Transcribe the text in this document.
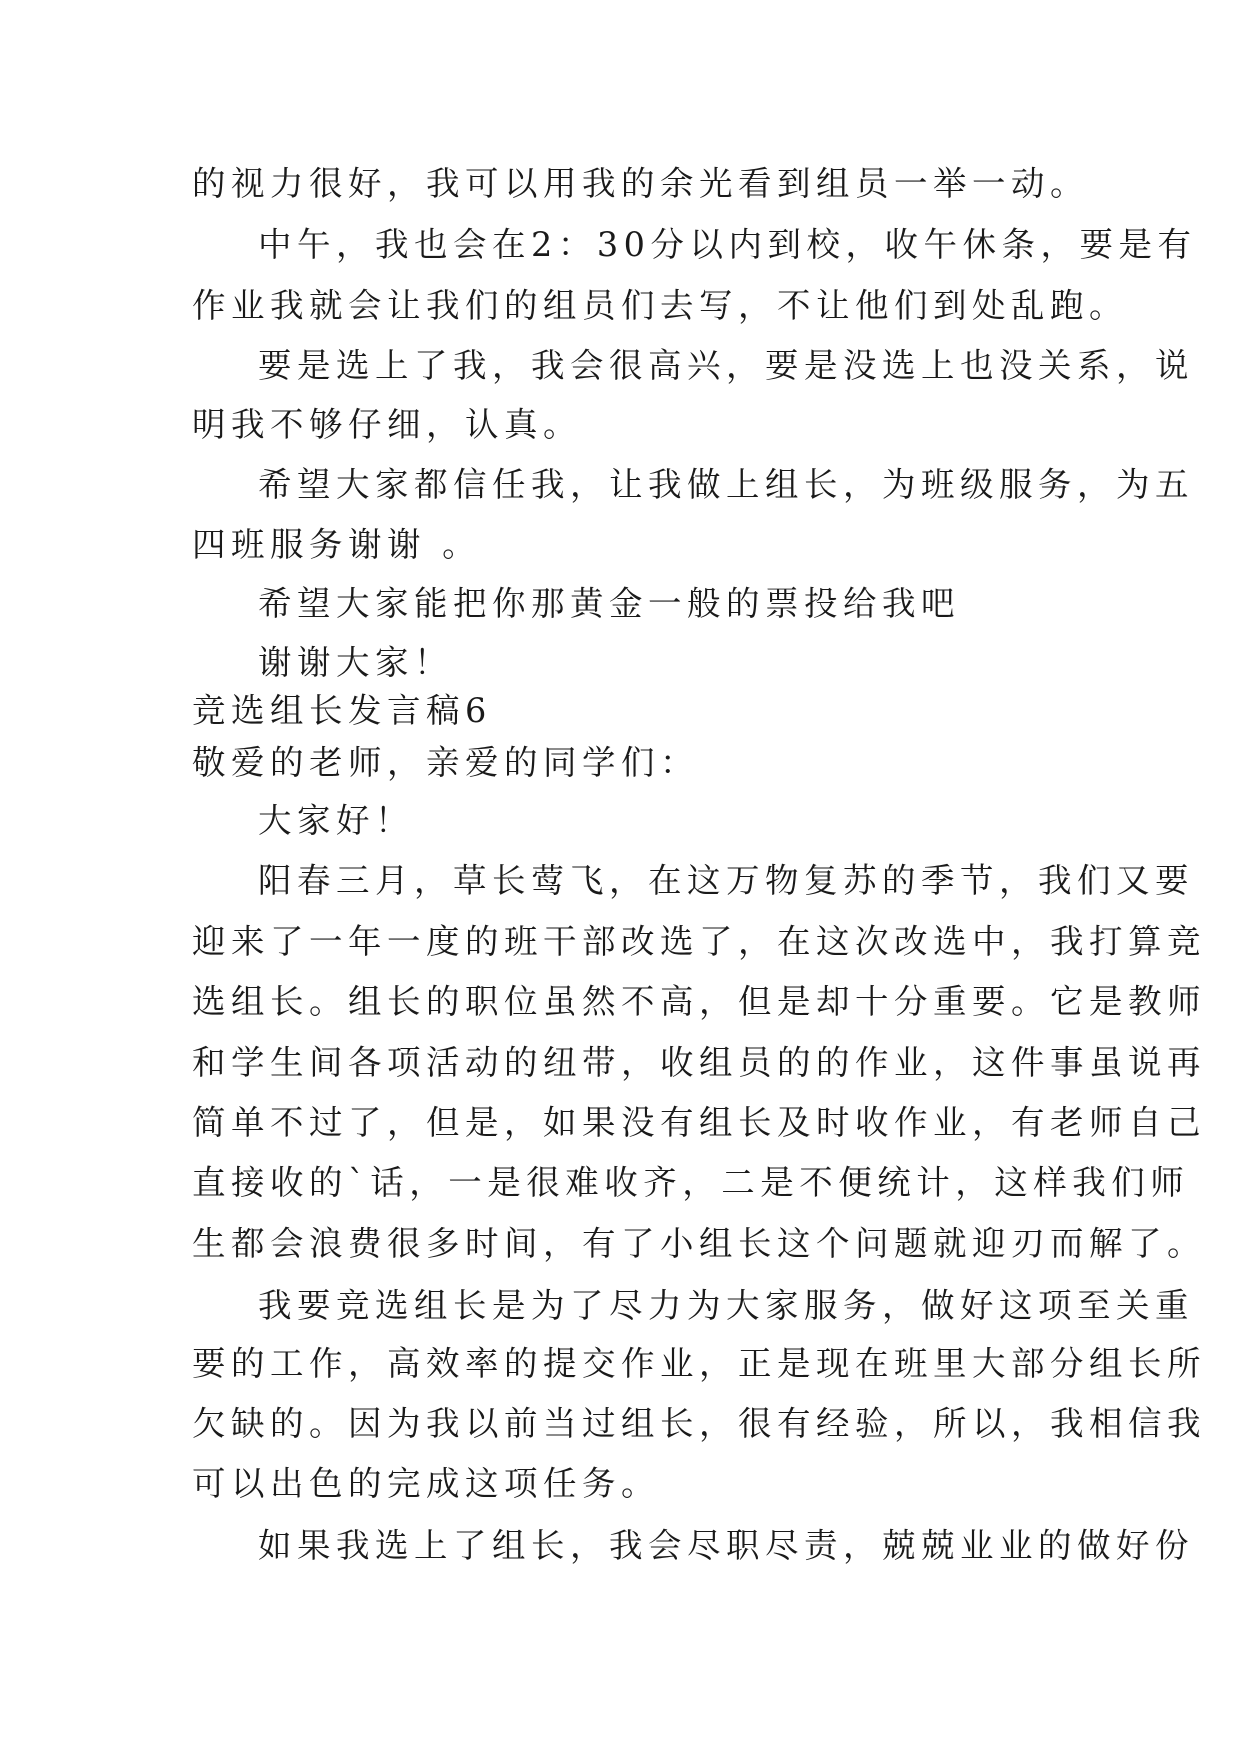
的视力很好，我可以用我的余光看到组员一举一动。
中午，我也会在2：30分以内到校，收午休条，要是有
作业我就会让我们的组员们去写，不让他们到处乱跑。
要是选上了我，我会很高兴，要是没选上也没关系，说
明我不够仔细，认真。
希望大家都信任我，让我做上组长，为班级服务，为五
四班服务谢谢 。
希望大家能把你那黄金一般的票投给我吧
谢谢大家！
竞选组长发言稿6
敬爱的老师，亲爱的同学们：
大家好！
阳春三月，草长莺飞，在这万物复苏的季节，我们又要
迎来了一年一度的班干部改选了，在这次改选中，我打算竞
选组长。组长的职位虽然不高，但是却十分重要。它是教师
和学生间各项活动的纽带，收组员的的作业，这件事虽说再
简单不过了，但是，如果没有组长及时收作业，有老师自己
直接收的`话，一是很难收齐，二是不便统计，这样我们师
生都会浪费很多时间，有了小组长这个问题就迎刃而解了。
我要竞选组长是为了尽力为大家服务，做好这项至关重
要的工作，高效率的提交作业，正是现在班里大部分组长所
欠缺的。因为我以前当过组长，很有经验，所以，我相信我
可以出色的完成这项任务。
如果我选上了组长，我会尽职尽责，兢兢业业的做好份
